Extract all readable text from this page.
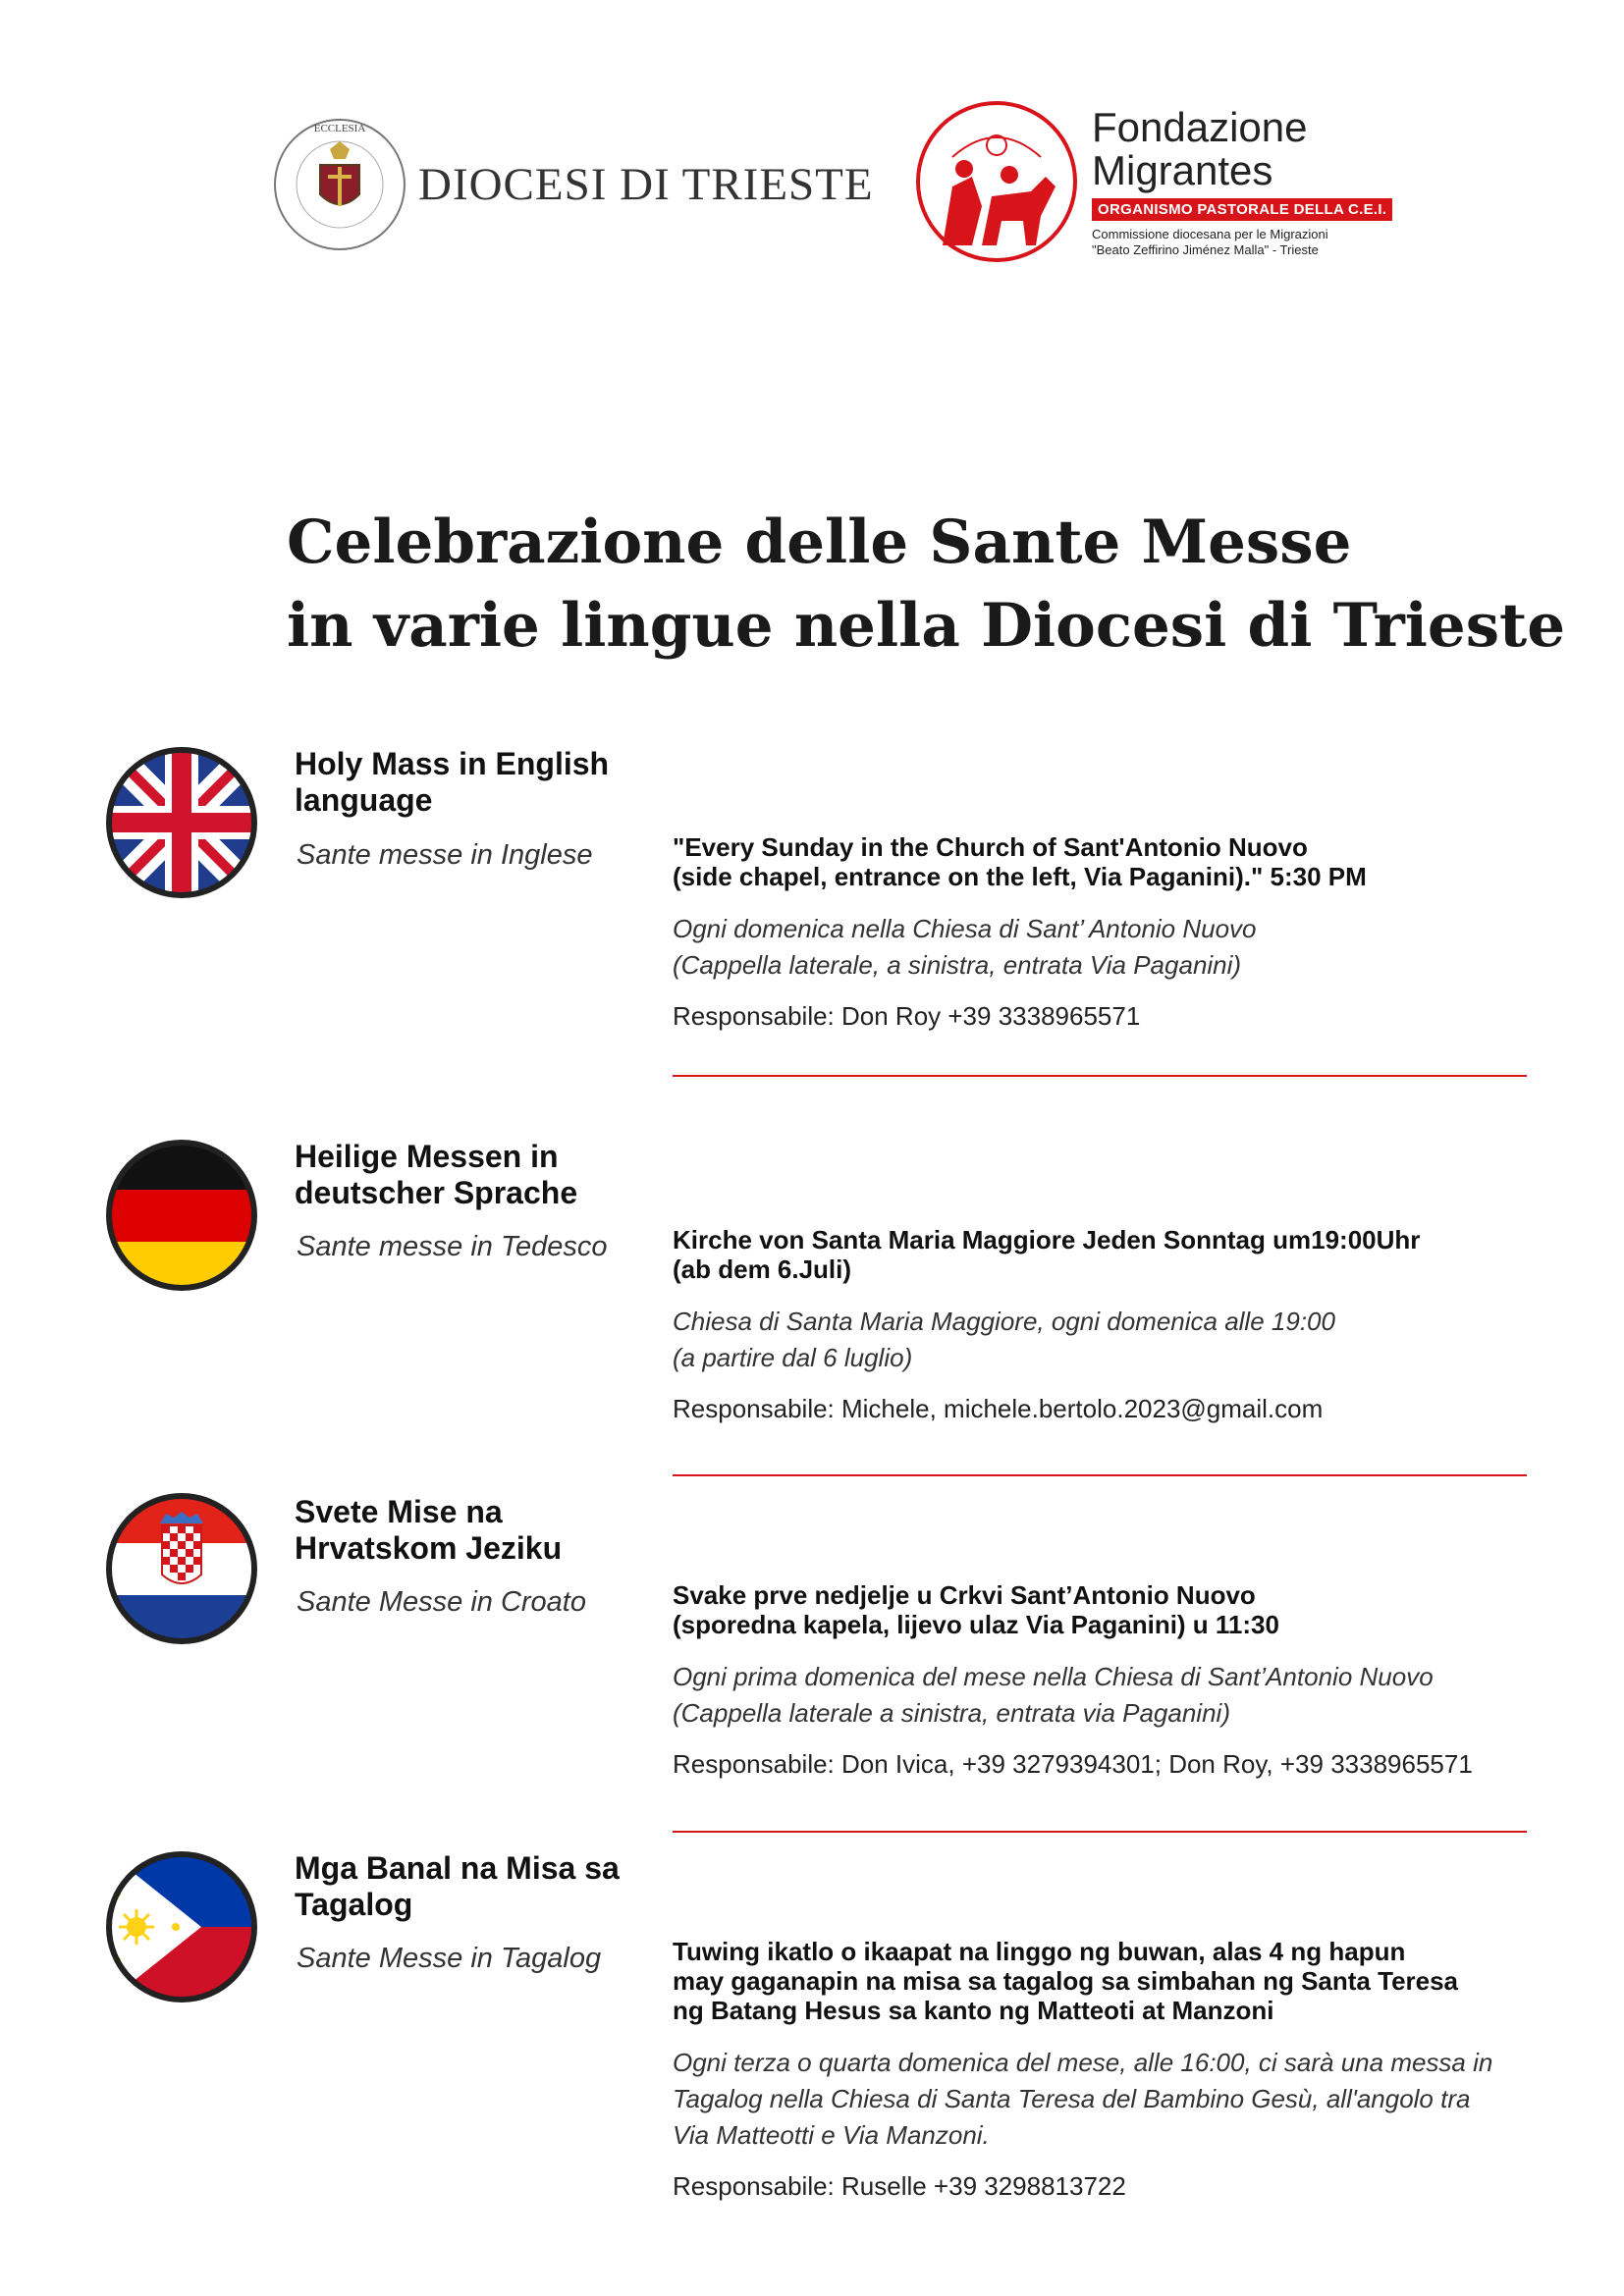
ECCLESIA
DIOCESI DI TRIESTE
Fondazione
Migrantes
ORGANISMO PASTORALE DELLA C.E.I.
Commissione diocesana per le Migrazioni
"Beato Zeffirino Jiménez Malla" - Trieste
Celebrazione delle Sante Messe
in varie lingue nella Diocesi di Trieste
Holy Mass in English language
Sante messe in Inglese	"Every Sunday in the Church of Sant'Antonio Nuovo
(side chapel, entrance on the left, Via Paganini)." 5:30 PM
Ogni domenica nella Chiesa di Sant’ Antonio Nuovo
(Cappella laterale, a sinistra, entrata Via Paganini)
Responsabile: Don Roy +39 3338965571
Heilige Messen in deutscher Sprache
Sante messe in Tedesco	Kirche von Santa Maria Maggiore Jeden Sonntag um19:00Uhr
(ab dem 6.Juli)
Chiesa di Santa Maria Maggiore, ogni domenica alle 19:00
(a partire dal 6 luglio)
Responsabile: Michele, michele.bertolo.2023@gmail.com
Svete Mise na Hrvatskom Jeziku
Sante Messe in Croato	Svake prve nedjelje u Crkvi Sant’Antonio Nuovo
(sporedna kapela, lijevo ulaz Via Paganini) u 11:30
Ogni prima domenica del mese nella Chiesa di Sant’Antonio Nuovo
(Cappella laterale a sinistra, entrata via Paganini)
Responsabile: Don Ivica, +39 3279394301; Don Roy, +39 3338965571
Mga Banal na Misa sa Tagalog
Sante Messe in Tagalog	Tuwing ikatlo o ikaapat na linggo ng buwan, alas 4 ng hapun
may gaganapin na misa sa tagalog sa simbahan ng Santa Teresa
ng Batang Hesus sa kanto ng Matteoti at Manzoni
Ogni terza o quarta domenica del mese, alle 16:00, ci sarà una messa in
Tagalog nella Chiesa di Santa Teresa del Bambino Gesù, all'angolo tra
Via Matteotti e Via Manzoni.
Responsabile: Ruselle +39 3298813722
